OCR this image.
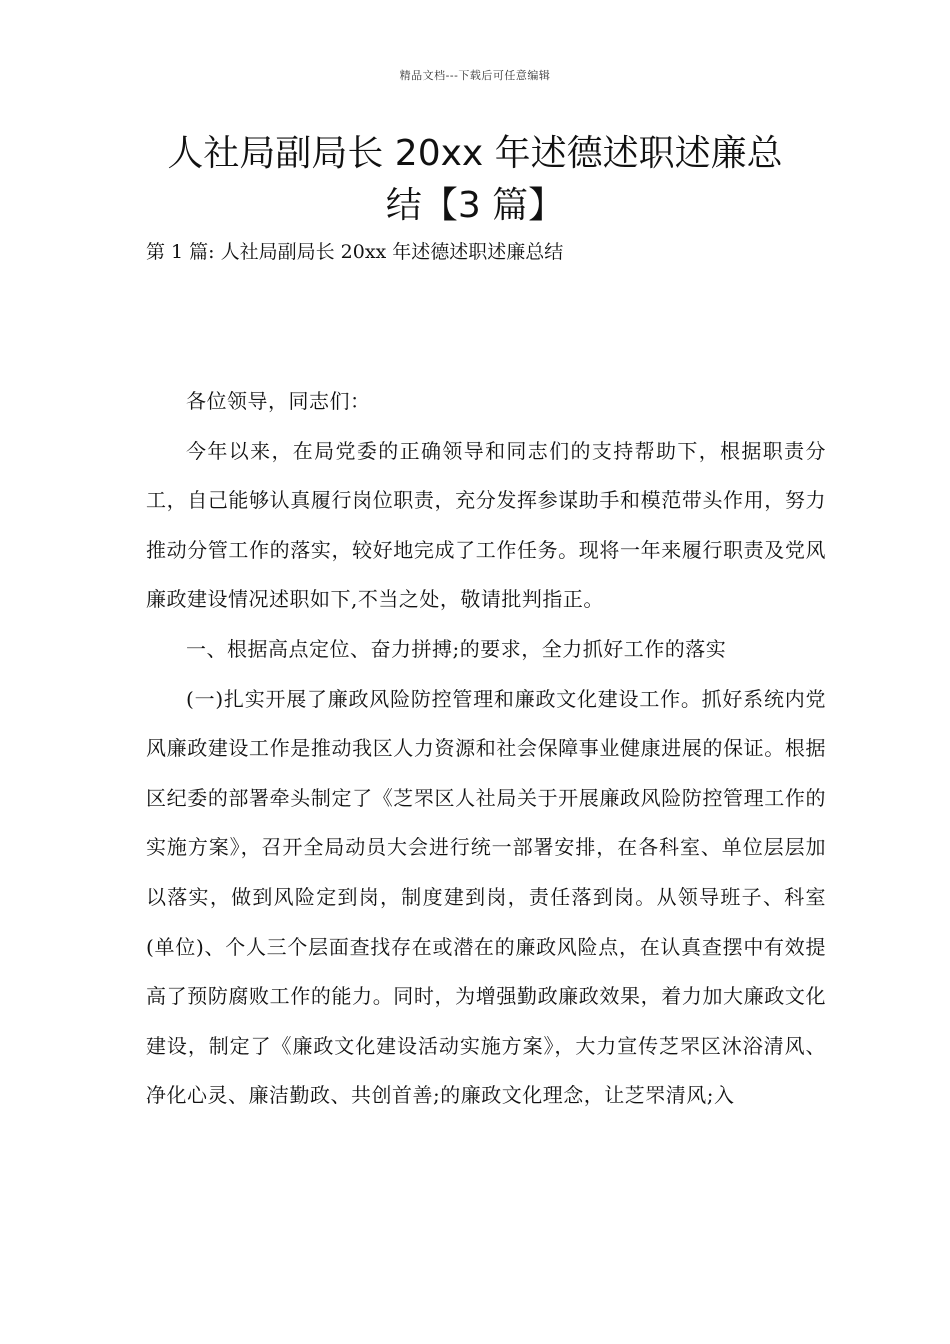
精品文档---下载后可任意编辑
人社局副局长 20xx 年述德述职述廉总
结【3 篇】

第 1 篇: 人社局副局长 20xx 年述德述职述廉总结

各位领导，同志们：

今年以来，在局党委的正确领导和同志们的支持帮助下，根据职责分工，自己能够认真履行岗位职责，充分发挥参谋助手和模范带头作用，努力推动分管工作的落实，较好地完成了工作任务。现将一年来履行职责及党风廉政建设情况述职如下,不当之处，敬请批判指正。

一、根据高点定位、奋力拼搏;的要求，全力抓好工作的落实

(一)扎实开展了廉政风险防控管理和廉政文化建设工作。抓好系统内党风廉政建设工作是推动我区人力资源和社会保障事业健康进展的保证。根据区纪委的部署牵头制定了《芝罘区人社局关于开展廉政风险防控管理工作的实施方案》，召开全局动员大会进行统一部署安排，在各科室、单位层层加以落实，做到风险定到岗，制度建到岗，责任落到岗。从领导班子、科室(单位)、个人三个层面查找存在或潜在的廉政风险点，在认真查摆中有效提高了预防腐败工作的能力。同时，为增强勤政廉政效果，着力加大廉政文化建设，制定了《廉政文化建设活动实施方案》，大力宣传芝罘区沐浴清风、净化心灵、廉洁勤政、共创首善;的廉政文化理念，让芝罘清风;入
